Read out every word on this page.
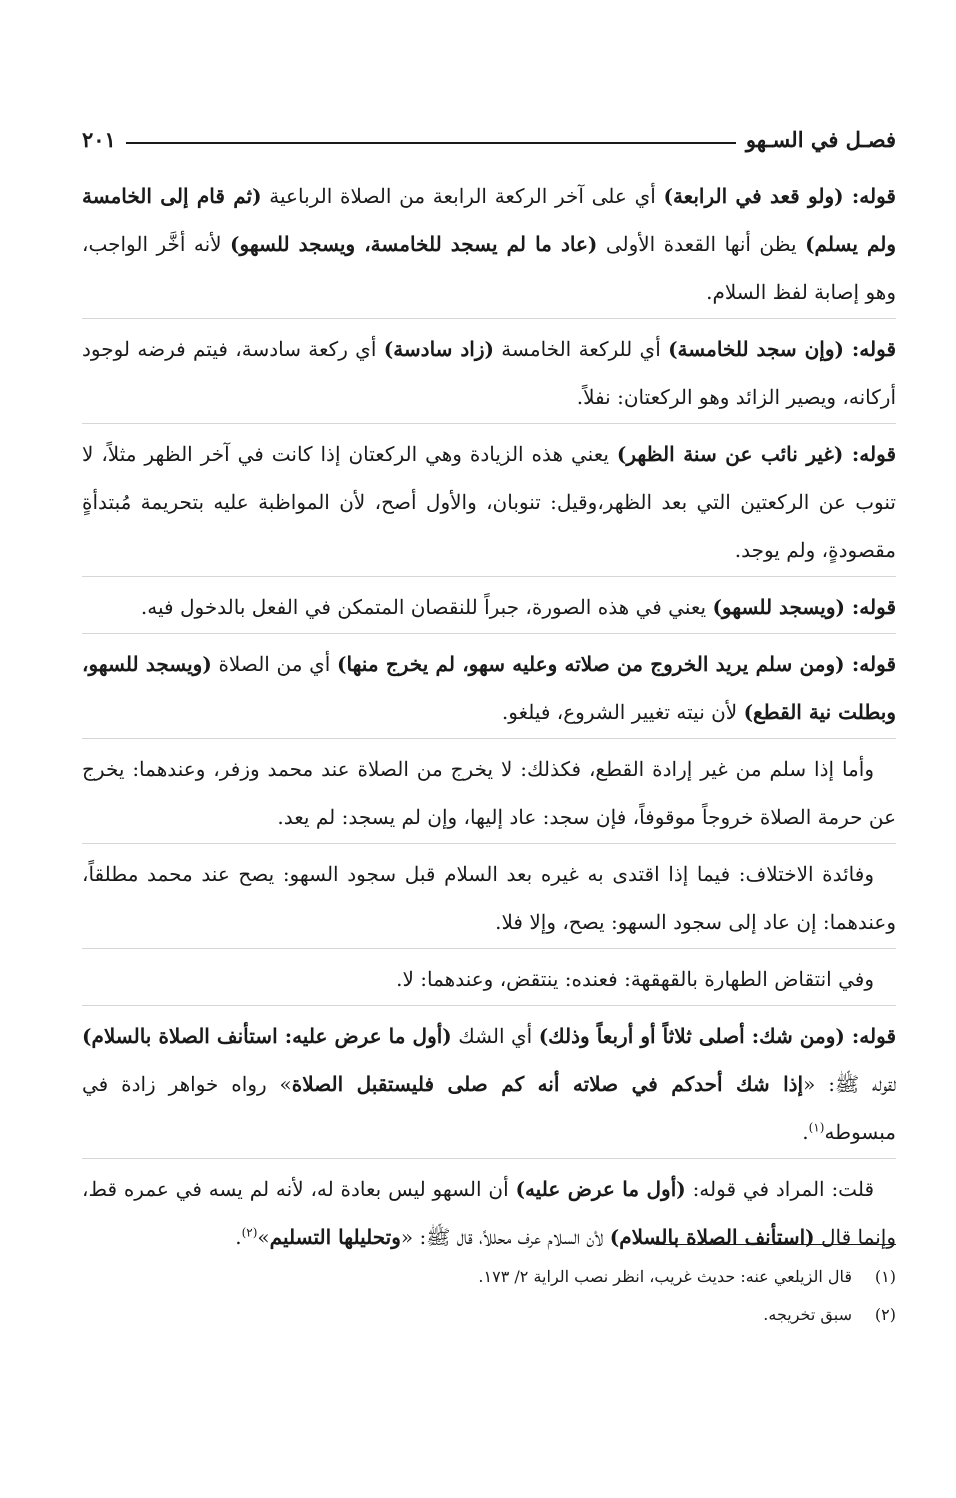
فصـل في السـهو
٢٠١

قوله: (ولو قعد في الرابعة) أي على آخر الركعة الرابعة من الصلاة الرباعية (ثم قام إلى الخامسة ولم يسلم) يظن أنها القعدة الأولى (عاد ما لم يسجد للخامسة، ويسجد للسهو) لأنه أخَّر الواجب، وهو إصابة لفظ السلام.

قوله: (وإن سجد للخامسة) أي للركعة الخامسة (زاد سادسة) أي ركعة سادسة، فيتم فرضه لوجود أركانه، ويصير الزائد وهو الركعتان: نفلاً.

قوله: (غير نائب عن سنة الظهر) يعني هذه الزيادة وهي الركعتان إذا كانت في آخر الظهر مثلاً، لا تنوب عن الركعتين التي بعد الظهر،وقيل: تنوبان، والأول أصح، لأن المواظبة عليه بتحريمة مُبتدأةٍ مقصودةٍ، ولم يوجد.

قوله: (ويسجد للسهو) يعني في هذه الصورة، جبراً للنقصان المتمكن في الفعل بالدخول فيه.

قوله: (ومن سلم يريد الخروج من صلاته وعليه سهو، لم يخرج منها) أي من الصلاة (ويسجد للسهو، وبطلت نية القطع) لأن نيته تغيير الشروع، فيلغو.

وأما إذا سلم من غير إرادة القطع، فكذلك: لا يخرج من الصلاة عند محمد وزفر، وعندهما: يخرج عن حرمة الصلاة خروجاً موقوفاً، فإن سجد: عاد إليها، وإن لم يسجد: لم يعد.

وفائدة الاختلاف: فيما إذا اقتدى به غيره بعد السلام قبل سجود السهو: يصح عند محمد مطلقاً، وعندهما: إن عاد إلى سجود السهو: يصح، وإلا فلا.

وفي انتقاض الطهارة بالقهقهة: فعنده: ينتقض، وعندهما: لا.

قوله: (ومن شك: أصلى ثلاثاً أو أربعاً وذلك) أي الشك (أول ما عرض عليه: استأنف الصلاة بالسلام) لقوله ﷺ: «إذا شك أحدكم في صلاته أنه كم صلى فليستقبل الصلاة» رواه خواهر زادة في مبسوطه$^{(١)}$.

قلت: المراد في قوله: (أول ما عرض عليه) أن السهو ليس بعادة له، لأنه لم يسه في عمره قط، وإنما قال (استأنف الصلاة بالسلام) لأن السلام عرف محللاً، قال ﷺ: «وتحليلها التسليم»$^{(٢)}$.

(١)قال الزيلعي عنه: حديث غريب، انظر نصب الراية ٢/ ١٧٣.

(٢)سبق تخريجه.
